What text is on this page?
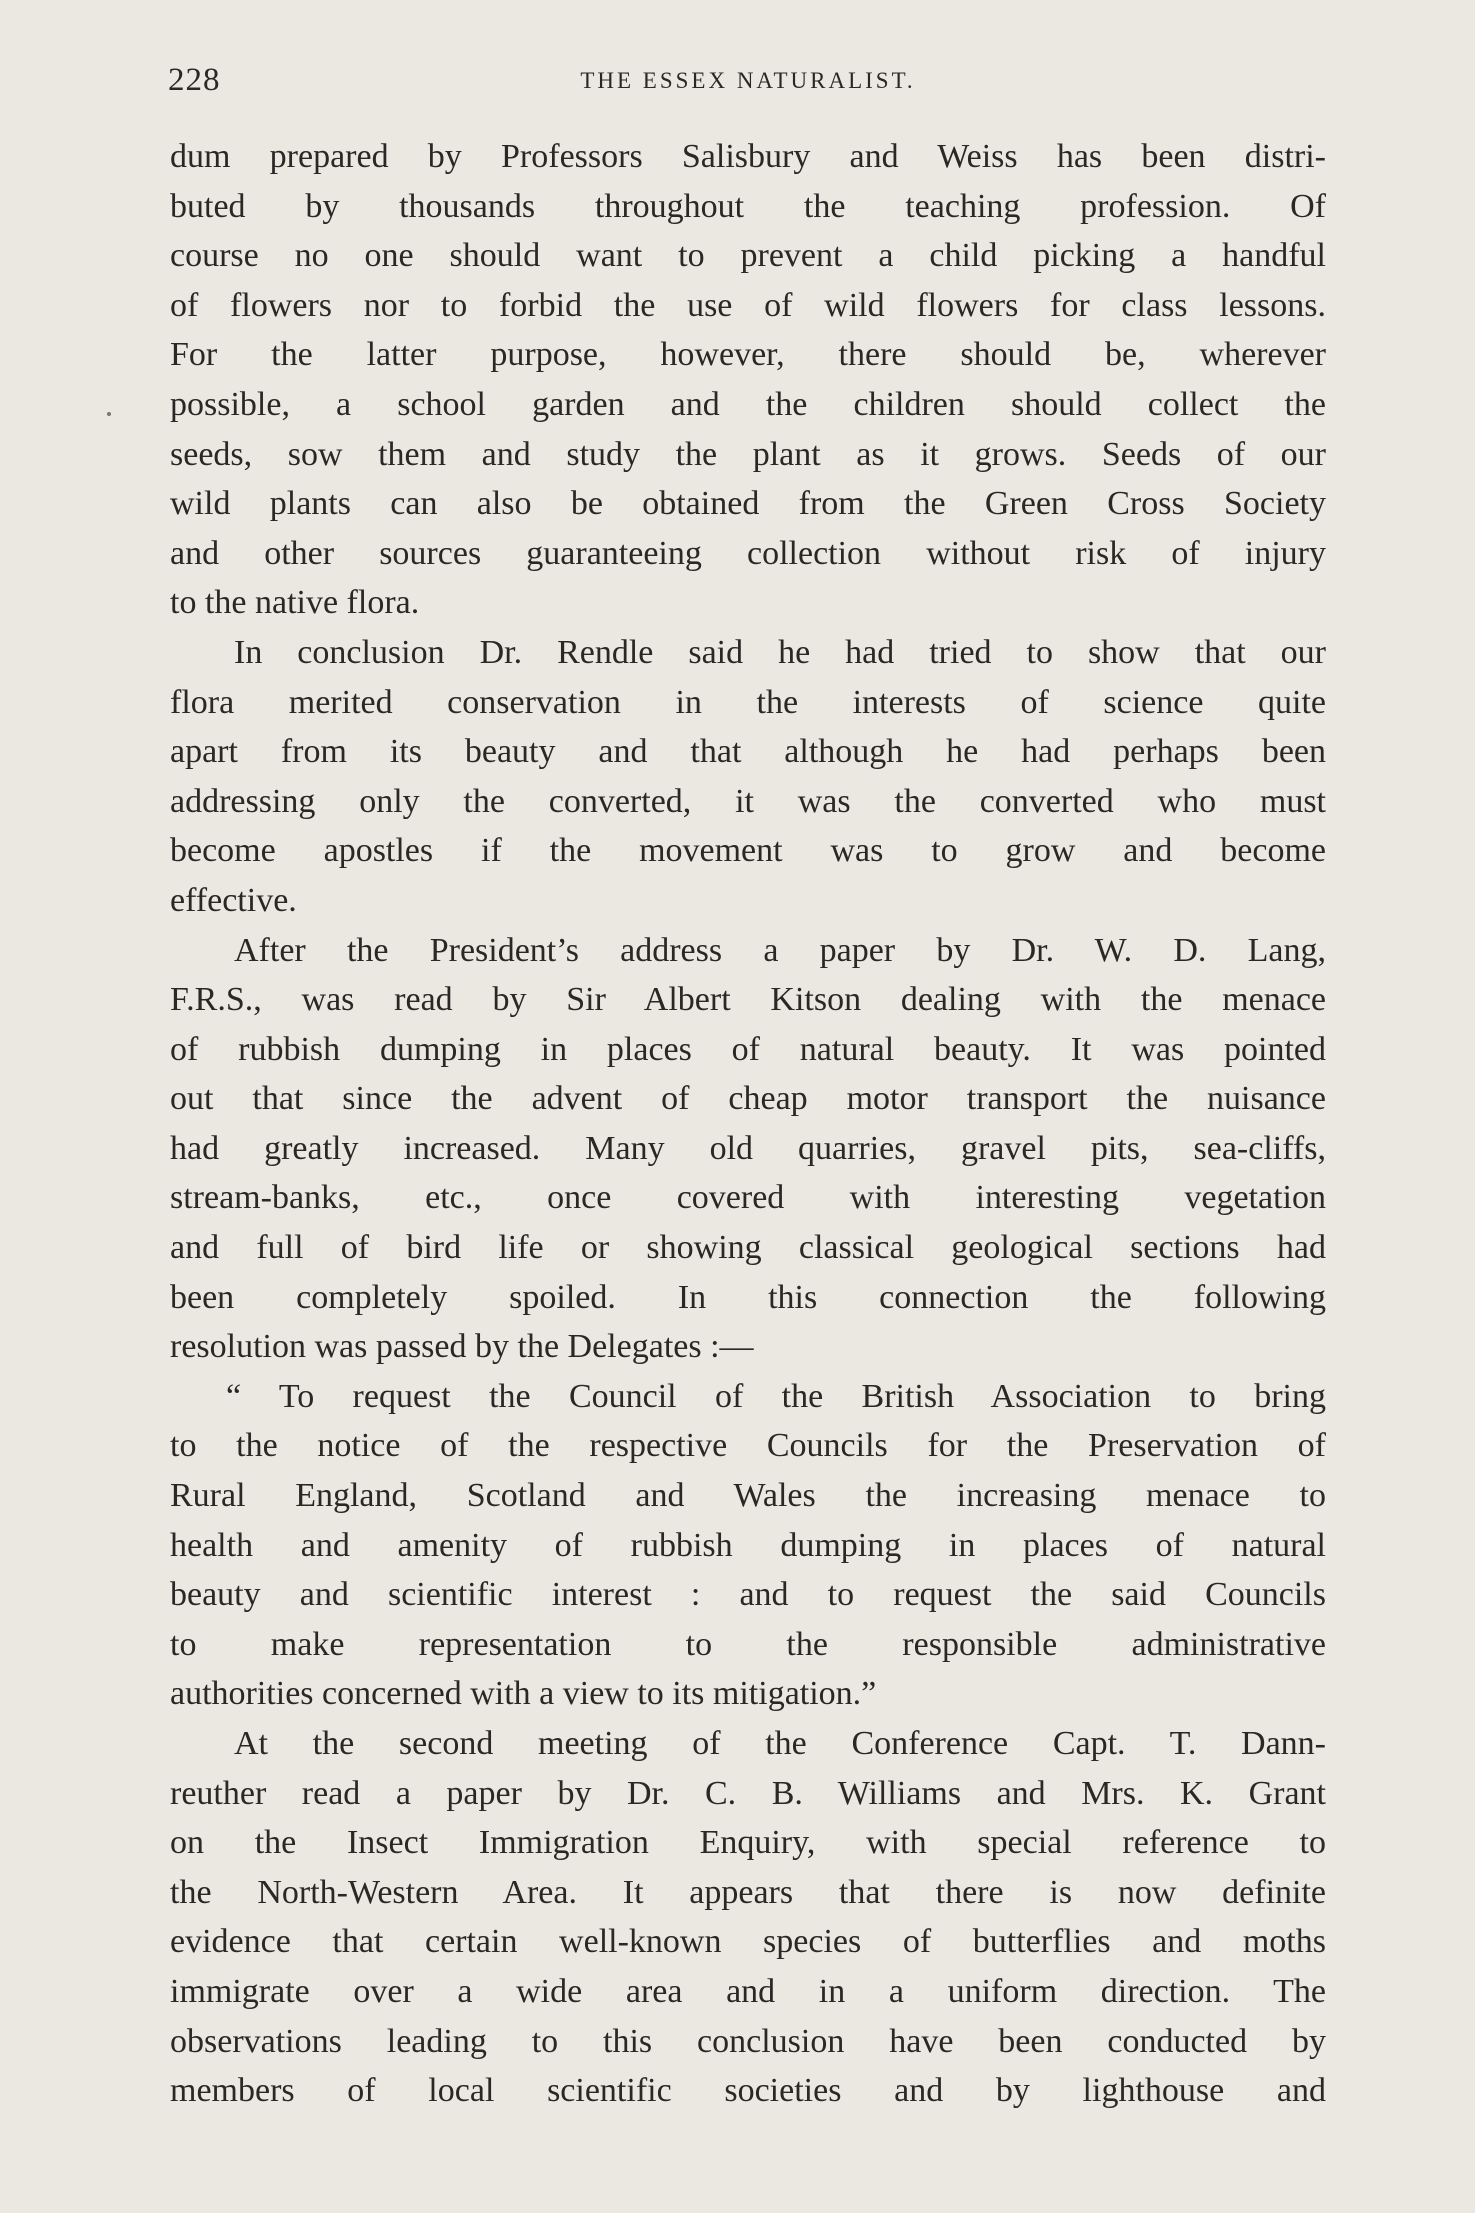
228	THE ESSEX NATURALIST.
dum prepared by Professors Salisbury and Weiss has been distri-
buted by thousands throughout the teaching profession. Of
course no one should want to prevent a child picking a handful
of flowers nor to forbid the use of wild flowers for class lessons.
For the latter purpose, however, there should be, wherever
possible, a school garden and the children should collect the
seeds, sow them and study the plant as it grows. Seeds of our
wild plants can also be obtained from the Green Cross Society
and other sources guaranteeing collection without risk of injury
to the native flora.
In conclusion Dr. Rendle said he had tried to show that our
flora merited conservation in the interests of science quite
apart from its beauty and that although he had perhaps been
addressing only the converted, it was the converted who must
become apostles if the movement was to grow and become
effective.
After the President’s address a paper by Dr. W. D. Lang,
F.R.S., was read by Sir Albert Kitson dealing with the menace
of rubbish dumping in places of natural beauty. It was pointed
out that since the advent of cheap motor transport the nuisance
had greatly increased. Many old quarries, gravel pits, sea-cliffs,
stream-banks, etc., once covered with interesting vegetation
and full of bird life or showing classical geological sections had
been completely spoiled. In this connection the following
resolution was passed by the Delegates :—
“ To request the Council of the British Association to bring
to the notice of the respective Councils for the Preservation of
Rural England, Scotland and Wales the increasing menace to
health and amenity of rubbish dumping in places of natural
beauty and scientific interest : and to request the said Councils
to make representation to the responsible administrative
authorities concerned with a view to its mitigation.”
At the second meeting of the Conference Capt. T. Dann-
reuther read a paper by Dr. C. B. Williams and Mrs. K. Grant
on the Insect Immigration Enquiry, with special reference to
the North-Western Area. It appears that there is now definite
evidence that certain well-known species of butterflies and moths
immigrate over a wide area and in a uniform direction. The
observations leading to this conclusion have been conducted by
members of local scientific societies and by lighthouse and
